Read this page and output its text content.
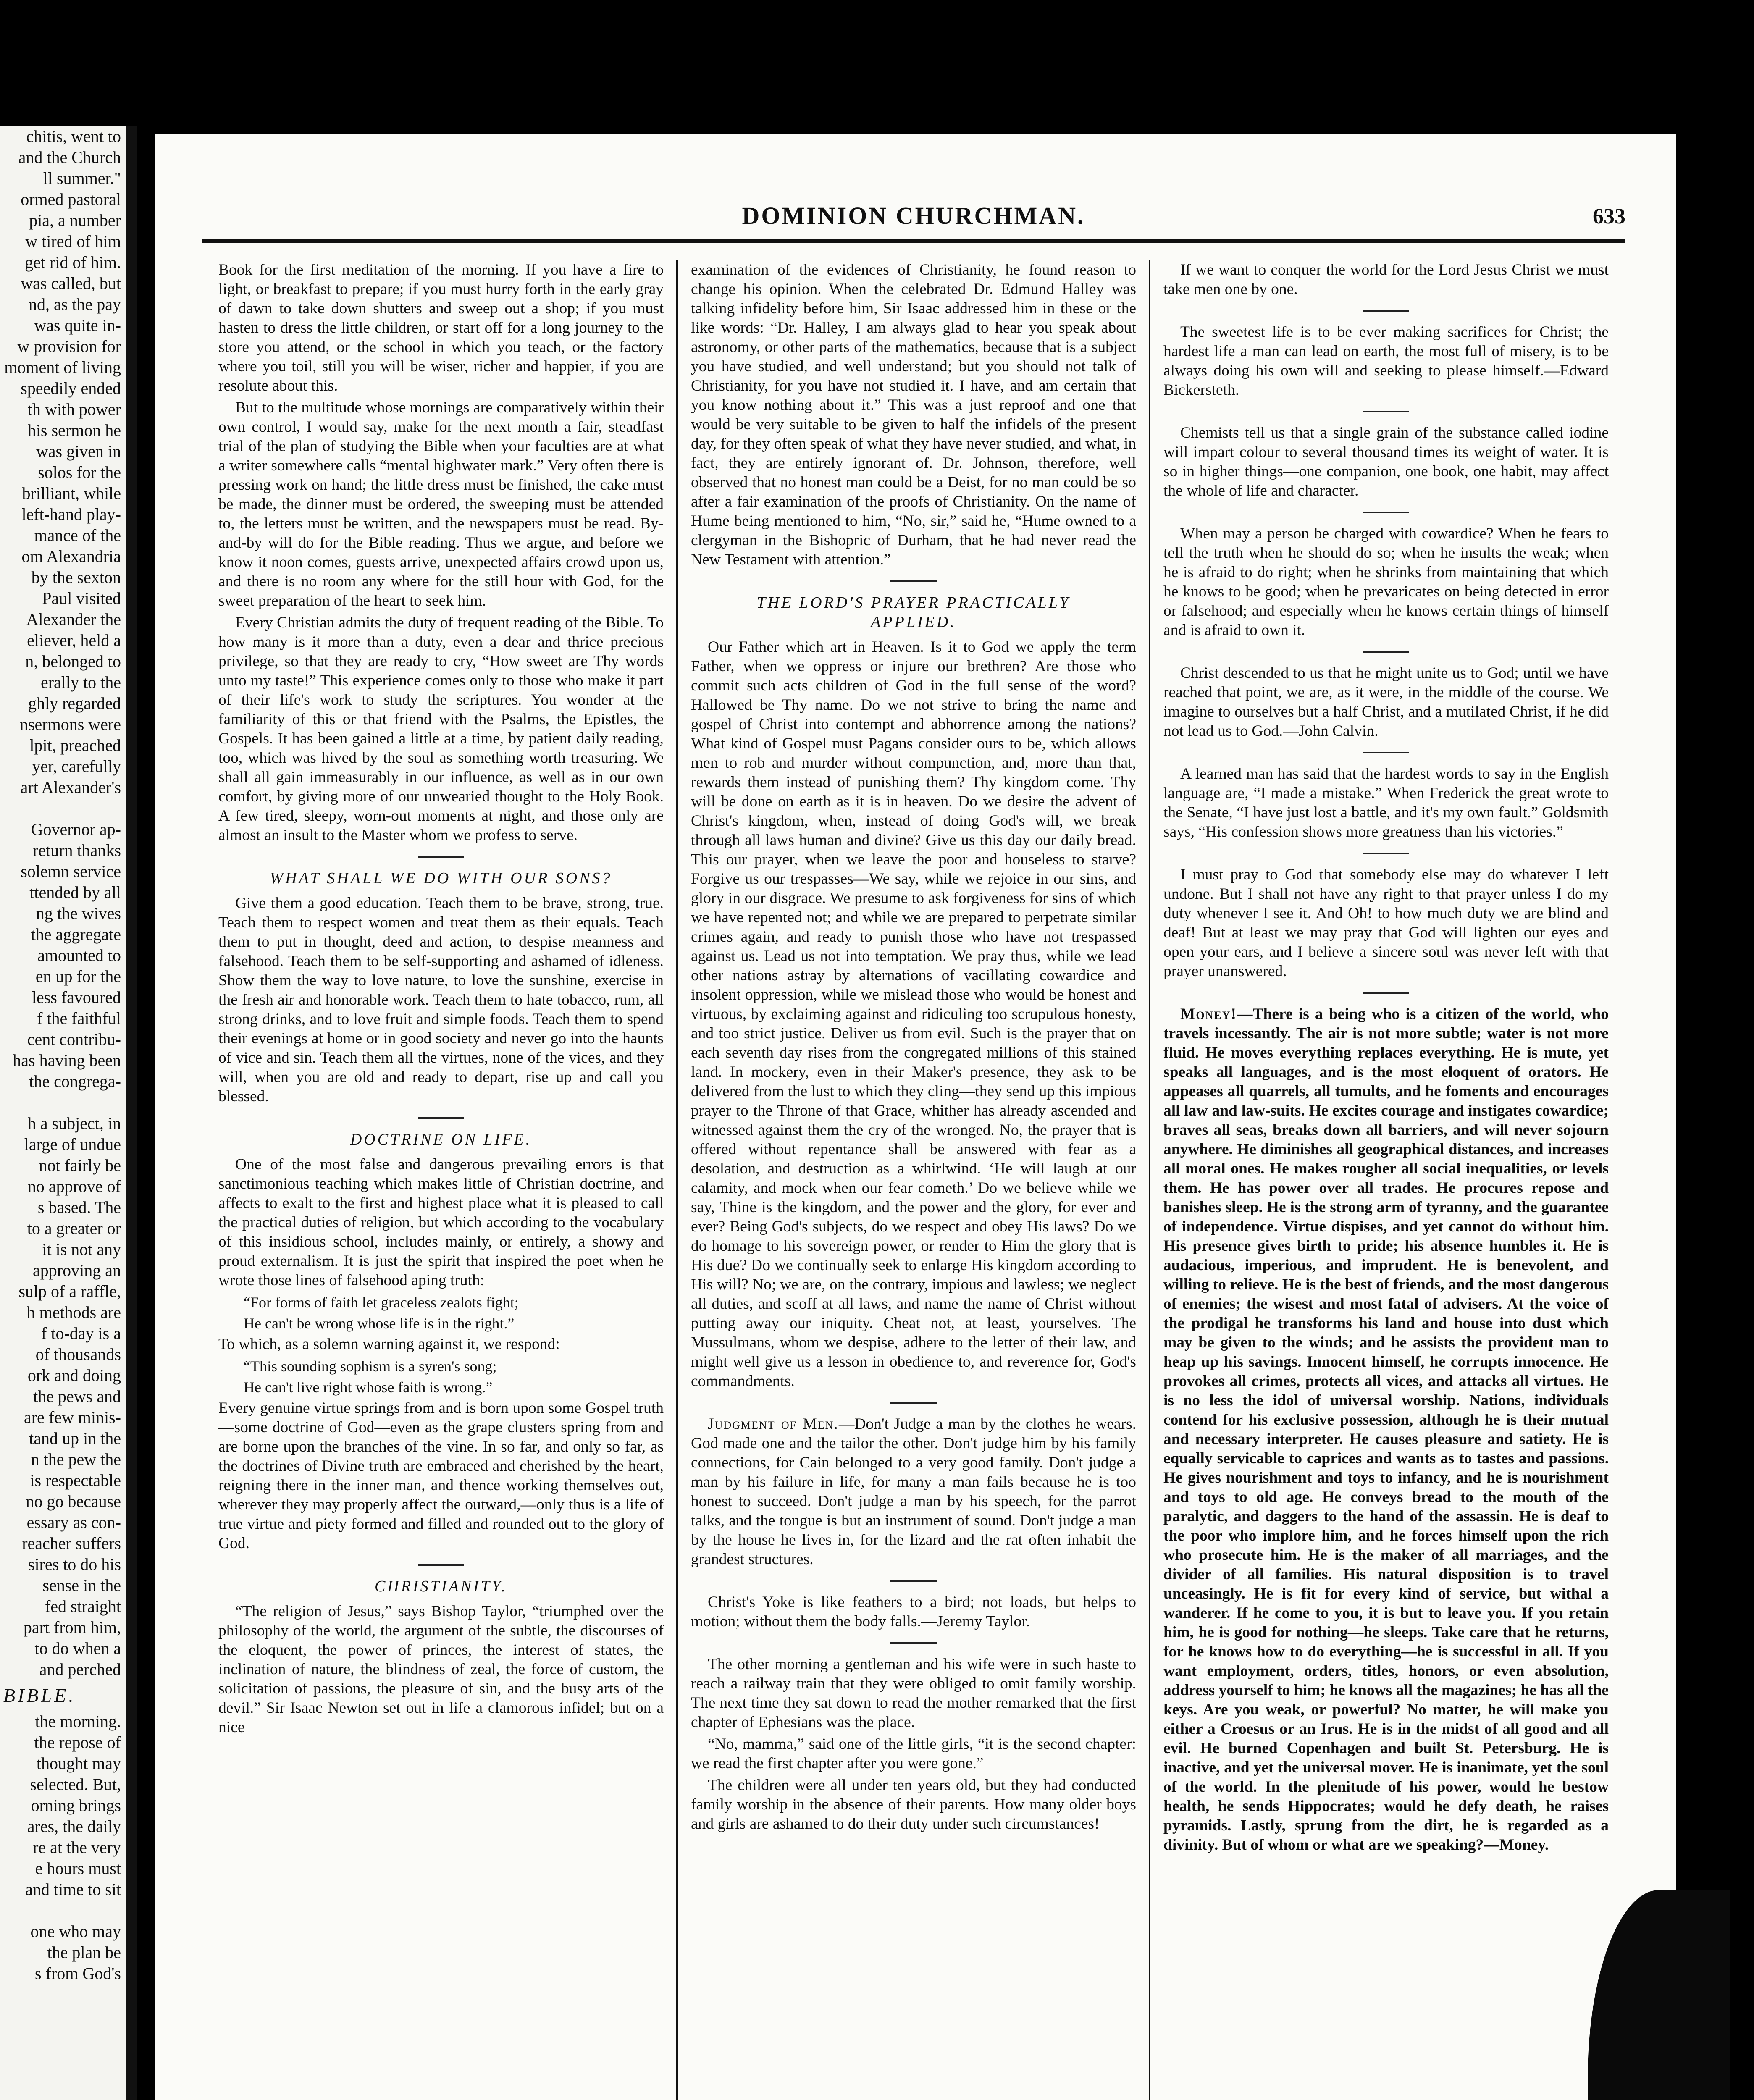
chitis, went to

and the Church

ll summer."

ormed pastoral

pia, a number

w tired of him

get rid of him.

was called, but

nd, as the pay

was quite in-

w provision for

moment of living

speedily ended

th with power

his sermon he

was given in

solos for the

brilliant, while

left-hand play-

mance of the

om Alexandria

by the sexton

Paul visited

Alexander the

eliever, held a

n, belonged to

erally to the

ghly regarded

nsermons were

lpit, preached

yer, carefully

art Alexander's

Governor ap-

return thanks

solemn service

ttended by all

ng the wives

the aggregate

amounted to

en up for the

less favoured

f the faithful

cent contribu-

has having been

the congrega-

h a subject, in

large of undue

not fairly be

no approve of

s based. The

to a greater or

it is not any

approving an

sulp of a raffle,

h methods are

f to-day is a

of thousands

ork and doing

the pews and

are few minis-

tand up in the

n the pew the

is respectable

no go because

essary as con-

reacher suffers

sires to do his

sense in the

fed straight

part from him,

to do when a

and perched

BIBLE.

the morning.

the repose of

thought may

selected. But,

orning brings

ares, the daily

re at the very

e hours must

and time to sit

one who may

the plan be

s from God's

DOMINION CHURCHMAN.	633

Book for the first meditation of the morning. If you have a fire to light, or breakfast to prepare; if you must hurry forth in the early gray of dawn to take down shutters and sweep out a shop; if you must hasten to dress the little children, or start off for a long journey to the store you attend, or the school in which you teach, or the factory where you toil, still you will be wiser, richer and happier, if you are resolute about this.

But to the multitude whose mornings are comparatively within their own control, I would say, make for the next month a fair, steadfast trial of the plan of studying the Bible when your faculties are at what a writer somewhere calls “mental highwater mark.” Very often there is pressing work on hand; the little dress must be finished, the cake must be made, the dinner must be ordered, the sweeping must be attended to, the letters must be written, and the newspapers must be read. By-and-by will do for the Bible reading. Thus we argue, and before we know it noon comes, guests arrive, unexpected affairs crowd upon us, and there is no room any where for the still hour with God, for the sweet preparation of the heart to seek him.

Every Christian admits the duty of frequent reading of the Bible. To how many is it more than a duty, even a dear and thrice precious privilege, so that they are ready to cry, “How sweet are Thy words unto my taste!” This experience comes only to those who make it part of their life's work to study the scriptures. You wonder at the familiarity of this or that friend with the Psalms, the Epistles, the Gospels. It has been gained a little at a time, by patient daily reading, too, which was hived by the soul as something worth treasuring. We shall all gain immeasurably in our influence, as well as in our own comfort, by giving more of our unwearied thought to the Holy Book. A few tired, sleepy, worn-out moments at night, and those only are almost an insult to the Master whom we profess to serve.

WHAT SHALL WE DO WITH OUR SONS?

Give them a good education. Teach them to be brave, strong, true. Teach them to respect women and treat them as their equals. Teach them to put in thought, deed and action, to despise meanness and falsehood. Teach them to be self-supporting and ashamed of idleness. Show them the way to love nature, to love the sunshine, exercise in the fresh air and honorable work. Teach them to hate tobacco, rum, all strong drinks, and to love fruit and simple foods. Teach them to spend their evenings at home or in good society and never go into the haunts of vice and sin. Teach them all the virtues, none of the vices, and they will, when you are old and ready to depart, rise up and call you blessed.

DOCTRINE ON LIFE.

One of the most false and dangerous prevailing errors is that sanctimonious teaching which makes little of Christian doctrine, and affects to exalt to the first and highest place what it is pleased to call the practical duties of religion, but which according to the vocabulary of this insidious school, includes mainly, or entirely, a showy and proud externalism. It is just the spirit that inspired the poet when he wrote those lines of falsehood aping truth:

“For forms of faith let graceless zealots fight;

He can't be wrong whose life is in the right.”

To which, as a solemn warning against it, we respond:

“This sounding sophism is a syren's song;

He can't live right whose faith is wrong.”

Every genuine virtue springs from and is born upon some Gospel truth—some doctrine of God—even as the grape clusters spring from and are borne upon the branches of the vine. In so far, and only so far, as the doctrines of Divine truth are embraced and cherished by the heart, reigning there in the inner man, and thence working themselves out, wherever they may properly affect the outward,—only thus is a life of true virtue and piety formed and filled and rounded out to the glory of God.

CHRISTIANITY.

“The religion of Jesus,” says Bishop Taylor, “triumphed over the philosophy of the world, the argument of the subtle, the discourses of the eloquent, the power of princes, the interest of states, the inclination of nature, the blindness of zeal, the force of custom, the solicitation of passions, the pleasure of sin, and the busy arts of the devil.” Sir Isaac Newton set out in life a clamorous infidel; but on a nice

examination of the evidences of Christianity, he found reason to change his opinion. When the celebrated Dr. Edmund Halley was talking infidelity before him, Sir Isaac addressed him in these or the like words: “Dr. Halley, I am always glad to hear you speak about astronomy, or other parts of the mathematics, because that is a subject you have studied, and well understand; but you should not talk of Christianity, for you have not studied it. I have, and am certain that you know nothing about it.” This was a just reproof and one that would be very suitable to be given to half the infidels of the present day, for they often speak of what they have never studied, and what, in fact, they are entirely ignorant of. Dr. Johnson, therefore, well observed that no honest man could be a Deist, for no man could be so after a fair examination of the proofs of Christianity. On the name of Hume being mentioned to him, “No, sir,” said he, “Hume owned to a clergyman in the Bishopric of Durham, that he had never read the New Testament with attention.”

THE LORD'S PRAYER PRACTICALLY

APPLIED.

Our Father which art in Heaven. Is it to God we apply the term Father, when we oppress or injure our brethren? Are those who commit such acts children of God in the full sense of the word? Hallowed be Thy name. Do we not strive to bring the name and gospel of Christ into contempt and abhorrence among the nations? What kind of Gospel must Pagans consider ours to be, which allows men to rob and murder without compunction, and, more than that, rewards them instead of punishing them? Thy kingdom come. Thy will be done on earth as it is in heaven. Do we desire the advent of Christ's kingdom, when, instead of doing God's will, we break through all laws human and divine? Give us this day our daily bread. This our prayer, when we leave the poor and houseless to starve? Forgive us our trespasses—We say, while we rejoice in our sins, and glory in our disgrace. We presume to ask forgiveness for sins of which we have repented not; and while we are prepared to perpetrate similar crimes again, and ready to punish those who have not trespassed against us. Lead us not into temptation. We pray thus, while we lead other nations astray by alternations of vacillating cowardice and insolent oppression, while we mislead those who would be honest and virtuous, by exclaiming against and ridiculing too scrupulous honesty, and too strict justice. Deliver us from evil. Such is the prayer that on each seventh day rises from the congregated millions of this stained land. In mockery, even in their Maker's presence, they ask to be delivered from the lust to which they cling—they send up this impious prayer to the Throne of that Grace, whither has already ascended and witnessed against them the cry of the wronged. No, the prayer that is offered without repentance shall be answered with fear as a desolation, and destruction as a whirlwind. ‘He will laugh at our calamity, and mock when our fear cometh.’ Do we believe while we say, Thine is the kingdom, and the power and the glory, for ever and ever? Being God's subjects, do we respect and obey His laws? Do we do homage to his sovereign power, or render to Him the glory that is His due? Do we continually seek to enlarge His kingdom according to His will? No; we are, on the contrary, impious and lawless; we neglect all duties, and scoff at all laws, and name the name of Christ without putting away our iniquity. Cheat not, at least, yourselves. The Mussulmans, whom we despise, adhere to the letter of their law, and might well give us a lesson in obedience to, and reverence for, God's commandments.

Judgment of Men.—Don't Judge a man by the clothes he wears. God made one and the tailor the other. Don't judge him by his family connections, for Cain belonged to a very good family. Don't judge a man by his failure in life, for many a man fails because he is too honest to succeed. Don't judge a man by his speech, for the parrot talks, and the tongue is but an instrument of sound. Don't judge a man by the house he lives in, for the lizard and the rat often inhabit the grandest structures.

Christ's Yoke is like feathers to a bird; not loads, but helps to motion; without them the body falls.—Jeremy Taylor.

The other morning a gentleman and his wife were in such haste to reach a railway train that they were obliged to omit family worship. The next time they sat down to read the mother remarked that the first chapter of Ephesians was the place.

“No, mamma,” said one of the little girls, “it is the second chapter: we read the first chapter after you were gone.”

The children were all under ten years old, but they had conducted family worship in the absence of their parents. How many older boys and girls are ashamed to do their duty under such circumstances!

If we want to conquer the world for the Lord Jesus Christ we must take men one by one.

The sweetest life is to be ever making sacrifices for Christ; the hardest life a man can lead on earth, the most full of misery, is to be always doing his own will and seeking to please himself.—Edward Bickersteth.

Chemists tell us that a single grain of the substance called iodine will impart colour to several thousand times its weight of water. It is so in higher things—one companion, one book, one habit, may affect the whole of life and character.

When may a person be charged with cowardice? When he fears to tell the truth when he should do so; when he insults the weak; when he is afraid to do right; when he shrinks from maintaining that which he knows to be good; when he prevaricates on being detected in error or falsehood; and especially when he knows certain things of himself and is afraid to own it.

Christ descended to us that he might unite us to God; until we have reached that point, we are, as it were, in the middle of the course. We imagine to ourselves but a half Christ, and a mutilated Christ, if he did not lead us to God.—John Calvin.

A learned man has said that the hardest words to say in the English language are, “I made a mistake.” When Frederick the great wrote to the Senate, “I have just lost a battle, and it's my own fault.” Goldsmith says, “His confession shows more greatness than his victories.”

I must pray to God that somebody else may do whatever I left undone. But I shall not have any right to that prayer unless I do my duty whenever I see it. And Oh! to how much duty we are blind and deaf! But at least we may pray that God will lighten our eyes and open your ears, and I believe a sincere soul was never left with that prayer unanswered.

Money!—There is a being who is a citizen of the world, who travels incessantly. The air is not more subtle; water is not more fluid. He moves everything replaces everything. He is mute, yet speaks all languages, and is the most eloquent of orators. He appeases all quarrels, all tumults, and he foments and encourages all law and law-suits. He excites courage and instigates cowardice; braves all seas, breaks down all barriers, and will never sojourn anywhere. He diminishes all geographical distances, and increases all moral ones. He makes rougher all social inequalities, or levels them. He has power over all trades. He procures repose and banishes sleep. He is the strong arm of tyranny, and the guarantee of independence. Virtue dispises, and yet cannot do without him. His presence gives birth to pride; his absence humbles it. He is audacious, imperious, and imprudent. He is benevolent, and willing to relieve. He is the best of friends, and the most dangerous of enemies; the wisest and most fatal of advisers. At the voice of the prodigal he transforms his land and house into dust which may be given to the winds; and he assists the provident man to heap up his savings. Innocent himself, he corrupts innocence. He provokes all crimes, protects all vices, and attacks all virtues. He is no less the idol of universal worship. Nations, individuals contend for his exclusive possession, although he is their mutual and necessary interpreter. He causes pleasure and satiety. He is equally servicable to caprices and wants as to tastes and passions. He gives nourishment and toys to infancy, and he is nourishment and toys to old age. He conveys bread to the mouth of the paralytic, and daggers to the hand of the assassin. He is deaf to the poor who implore him, and he forces himself upon the rich who prosecute him. He is the maker of all marriages, and the divider of all families. His natural disposition is to travel unceasingly. He is fit for every kind of service, but withal a wanderer. If he come to you, it is but to leave you. If you retain him, he is good for nothing—he sleeps. Take care that he returns, for he knows how to do everything—he is successful in all. If you want employment, orders, titles, honors, or even absolution, address yourself to him; he knows all the magazines; he has all the keys. Are you weak, or powerful? No matter, he will make you either a Croesus or an Irus. He is in the midst of all good and all evil. He burned Copenhagen and built St. Petersburg. He is inactive, and yet the universal mover. He is inanimate, yet the soul of the world. In the plenitude of his power, would he bestow health, he sends Hippocrates; would he defy death, he raises pyramids. Lastly, sprung from the dirt, he is regarded as a divinity. But of whom or what are we speaking?—Money.
